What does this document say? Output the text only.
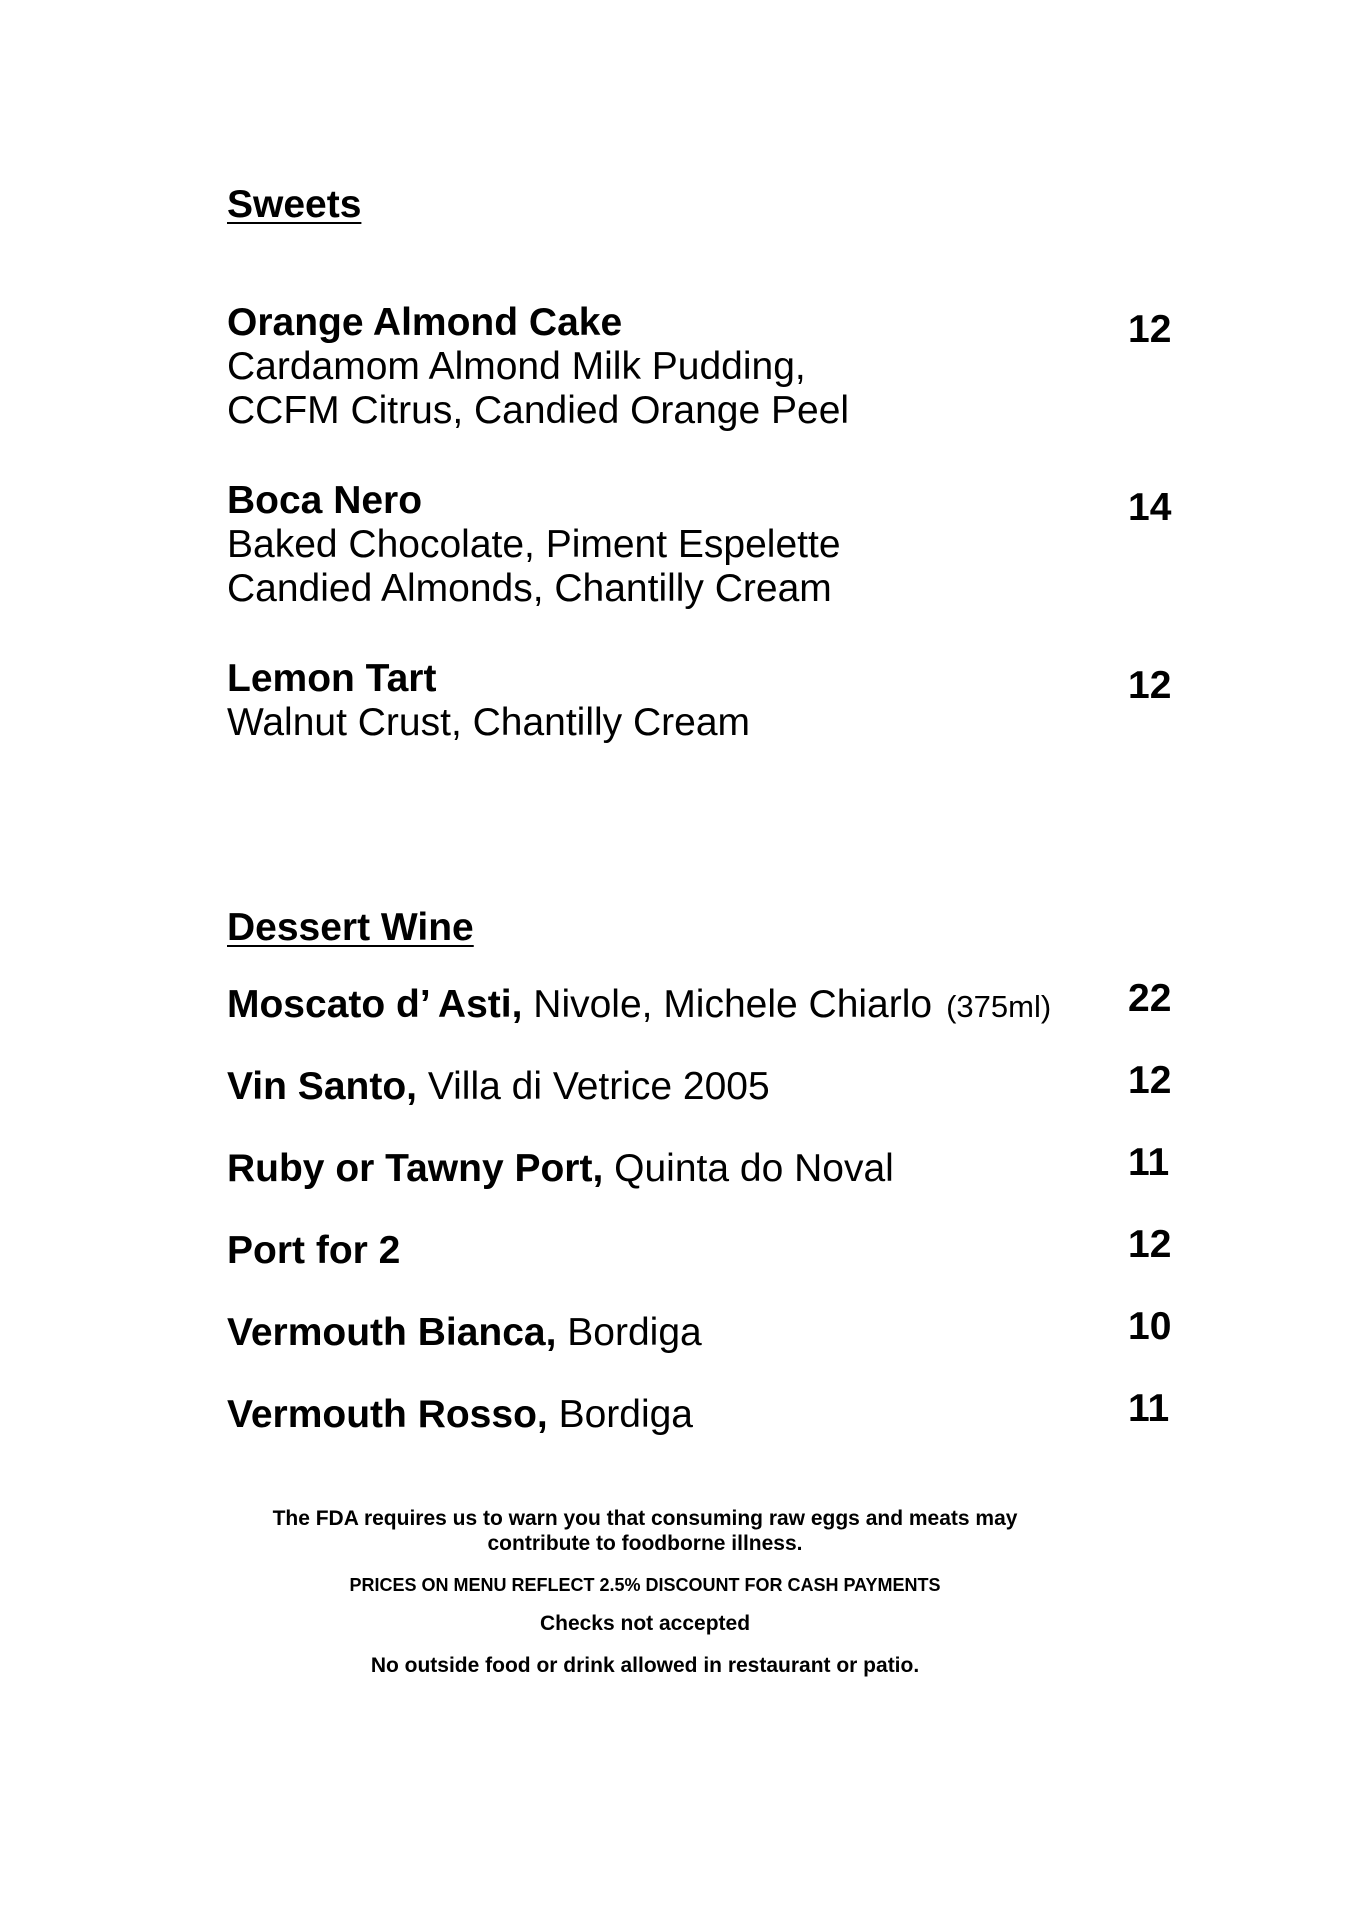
Sweets
Orange Almond Cake
Cardamom Almond Milk Pudding,
CCFM Citrus, Candied Orange Peel
12
Boca Nero
Baked Chocolate, Piment Espelette
Candied Almonds, Chantilly Cream
14
Lemon Tart
Walnut Crust, Chantilly Cream
12
Dessert Wine
Moscato d’ Asti, Nivole, Michele Chiarlo (375ml) 22
Vin Santo, Villa di Vetrice 2005	12
Ruby or Tawny Port, Quinta do Noval	11
Port for 2	12
Vermouth Bianca, Bordiga	10
Vermouth Rosso, Bordiga	11
The FDA requires us to warn you that consuming raw eggs and meats may
contribute to foodborne illness.
PRICES ON MENU REFLECT 2.5% DISCOUNT FOR CASH PAYMENTS
Checks not accepted
No outside food or drink allowed in restaurant or patio.
